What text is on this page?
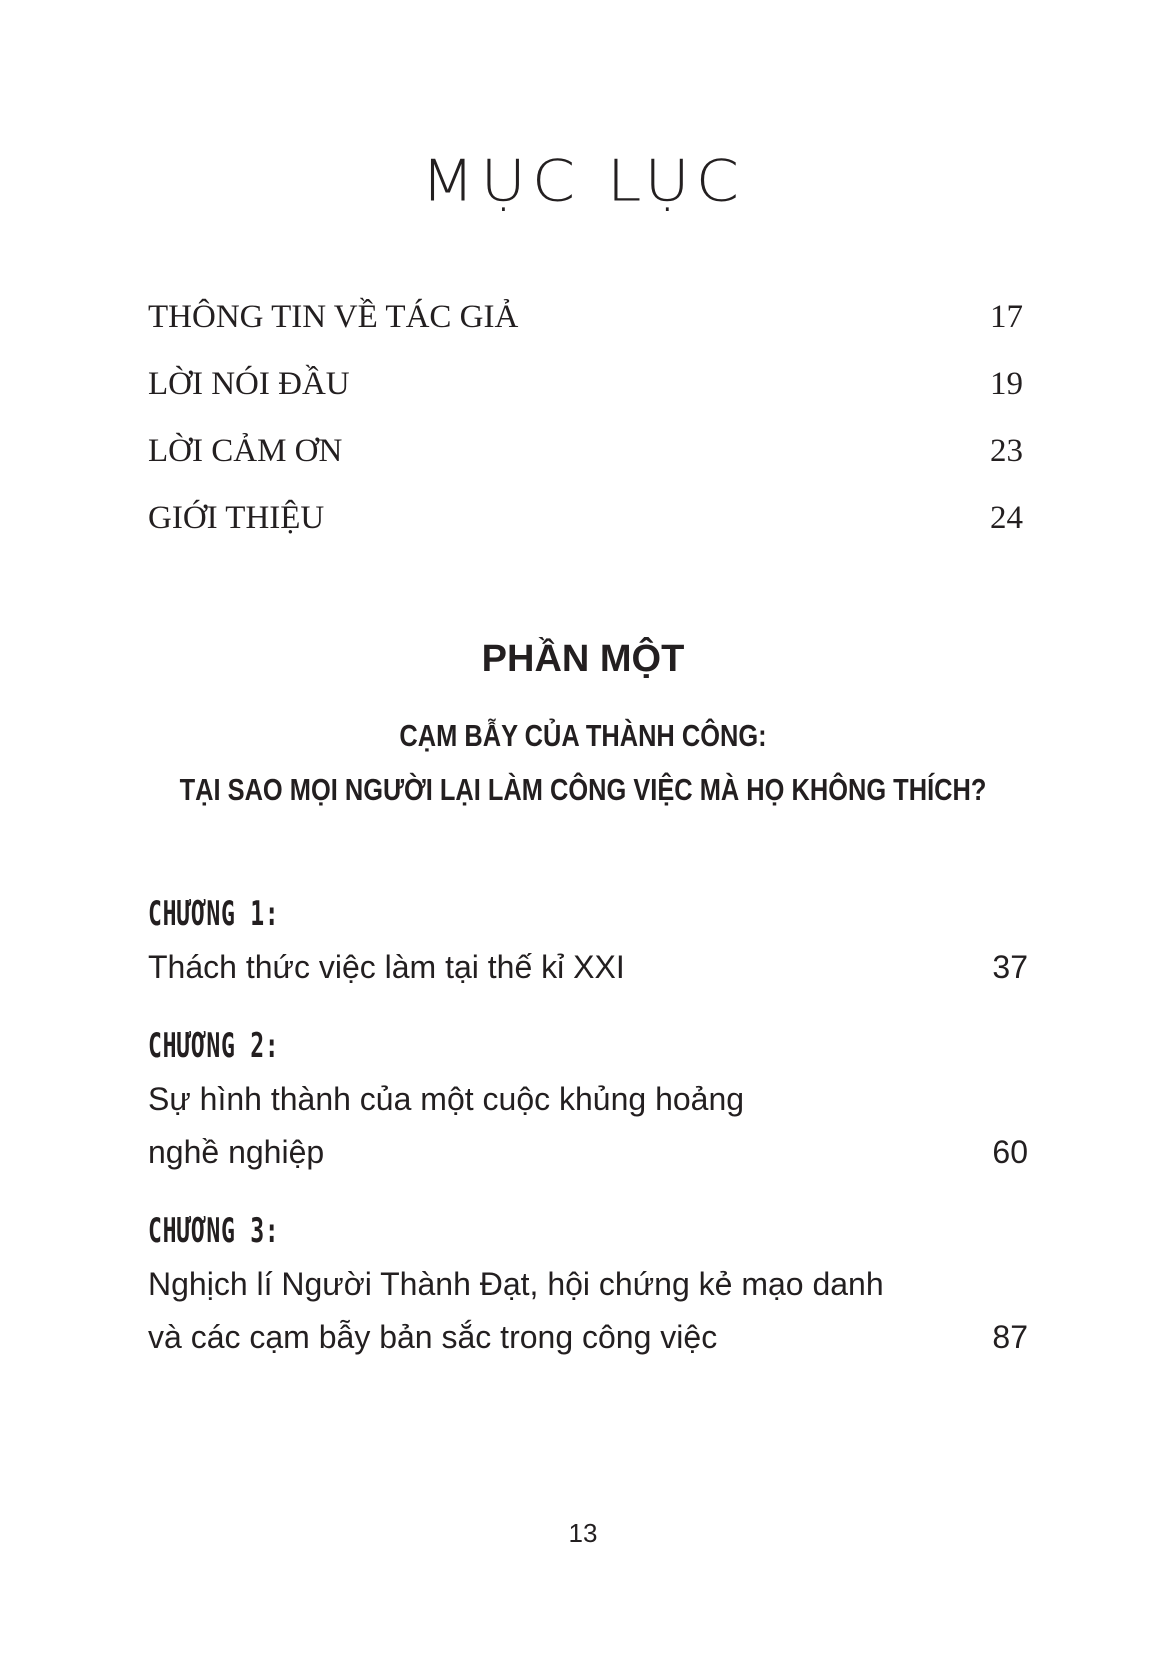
MỤC LỤC
THÔNG TIN VỀ TÁC GIẢ	17
LỜI NÓI ĐẦU	19
LỜI CẢM ƠN	23
GIỚI THIỆU	24
PHẦN MỘT
CẠM BẪY CỦA THÀNH CÔNG:
TẠI SAO MỌI NGƯỜI LẠI LÀM CÔNG VIỆC MÀ HỌ KHÔNG THÍCH?
CHƯƠNG 1:
Thách thức việc làm tại thế kỉ XXI	37
CHƯƠNG 2:
Sự hình thành của một cuộc khủng hoảng
nghề nghiệp	60
CHƯƠNG 3:
Nghịch lí Người Thành Đạt, hội chứng kẻ mạo danh
và các cạm bẫy bản sắc trong công việc	87
13
